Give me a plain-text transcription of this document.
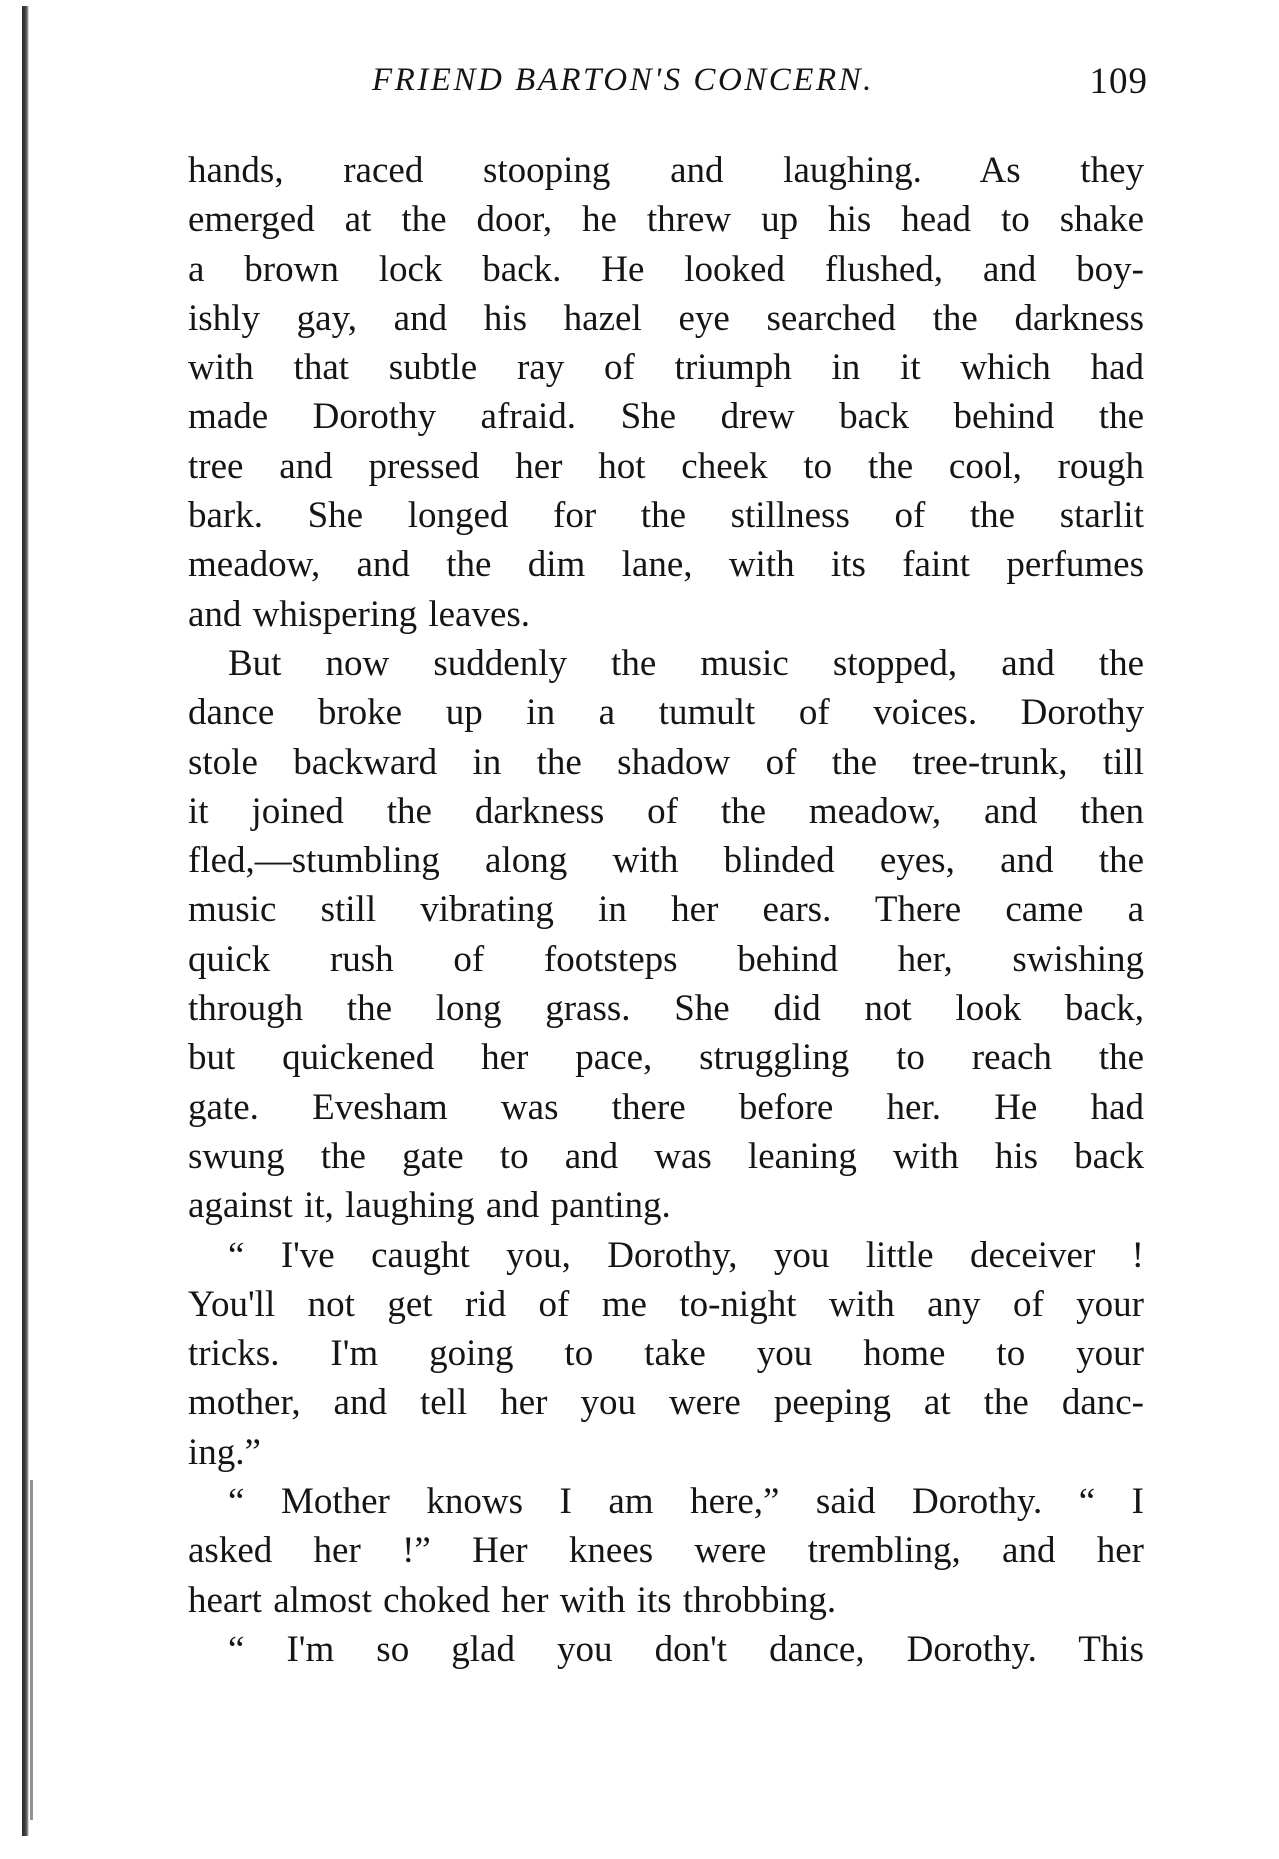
FRIEND BARTON'S CONCERN.	109
hands, raced stooping and laughing. As they
emerged at the door, he threw up his head to shake
a brown lock back. He looked flushed, and boy-
ishly gay, and his hazel eye searched the darkness
with that subtle ray of triumph in it which had
made Dorothy afraid. She drew back behind the
tree and pressed her hot cheek to the cool, rough
bark. She longed for the stillness of the starlit
meadow, and the dim lane, with its faint perfumes
and whispering leaves.
But now suddenly the music stopped, and the
dance broke up in a tumult of voices. Dorothy
stole backward in the shadow of the tree-trunk, till
it joined the darkness of the meadow, and then
fled,—stumbling along with blinded eyes, and the
music still vibrating in her ears. There came a
quick rush of footsteps behind her, swishing
through the long grass. She did not look back,
but quickened her pace, struggling to reach the
gate. Evesham was there before her. He had
swung the gate to and was leaning with his back
against it, laughing and panting.
“ I've caught you, Dorothy, you little deceiver !
You'll not get rid of me to-night with any of your
tricks. I'm going to take you home to your
mother, and tell her you were peeping at the danc-
ing.”
“ Mother knows I am here,” said Dorothy. “ I
asked her !” Her knees were trembling, and her
heart almost choked her with its throbbing.
“ I'm so glad you don't dance, Dorothy. This
